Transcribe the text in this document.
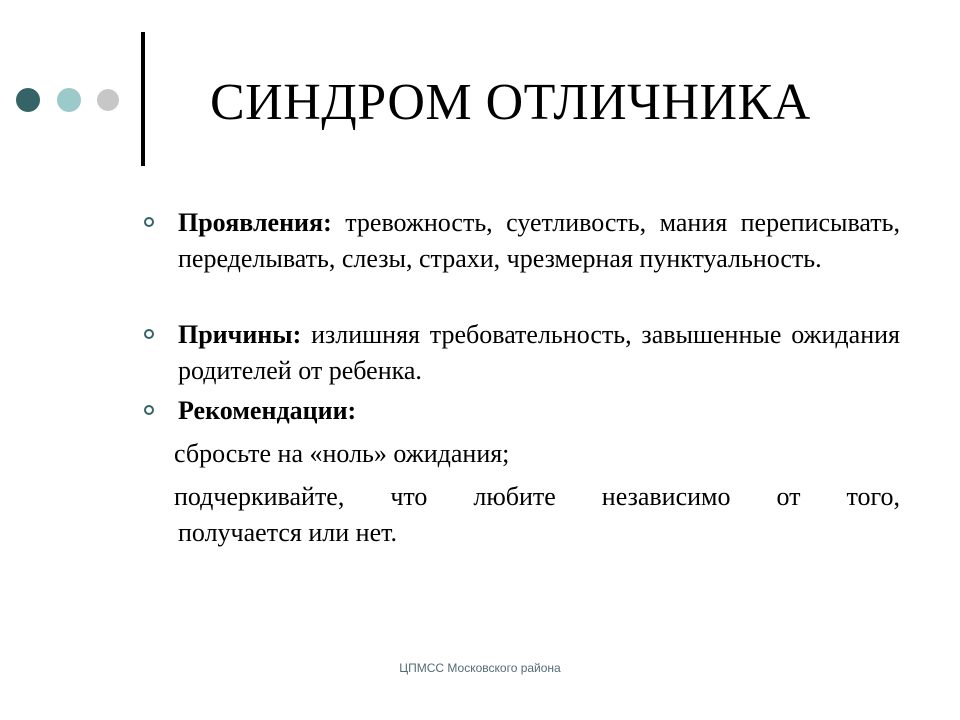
СИНДРОМ ОТЛИЧНИКА
Проявления: тревожность, суетливость, мания переписывать, переделывать, слезы, страхи, чрезмерная пунктуальность.
Причины: излишняя требовательность, завышенные ожидания родителей от ребенка.
Рекомендации:
сбросьте на «ноль» ожидания;
подчеркивайте, что любите независимо от того,
получается или нет.
ЦПМСС Московского района
